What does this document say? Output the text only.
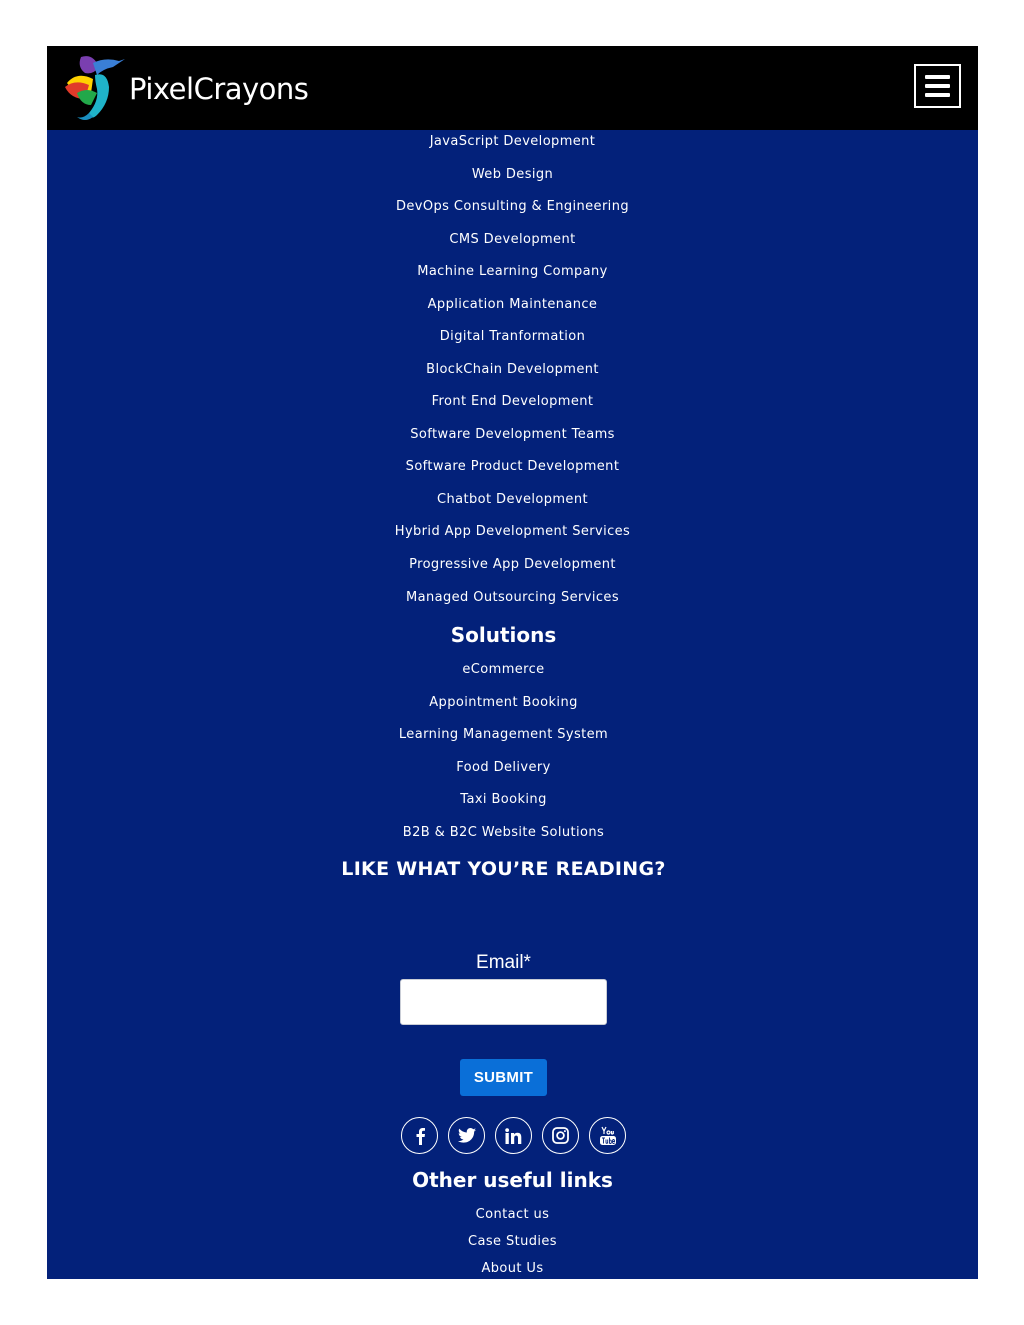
PixelCrayons
JavaScript Development
Web Design
DevOps Consulting & Engineering
CMS Development
Machine Learning Company
Application Maintenance
Digital Tranformation
BlockChain Development
Front End Development
Software Development Teams
Software Product Development
Chatbot Development
Hybrid App Development Services
Progressive App Development
Managed Outsourcing Services
Solutions
eCommerce
Appointment Booking
Learning Management System
Food Delivery
Taxi Booking
B2B & B2C Website Solutions
LIKE WHAT YOU’RE READING?
Email*
SUBMIT
Other useful links
Contact us
Case Studies
About Us
